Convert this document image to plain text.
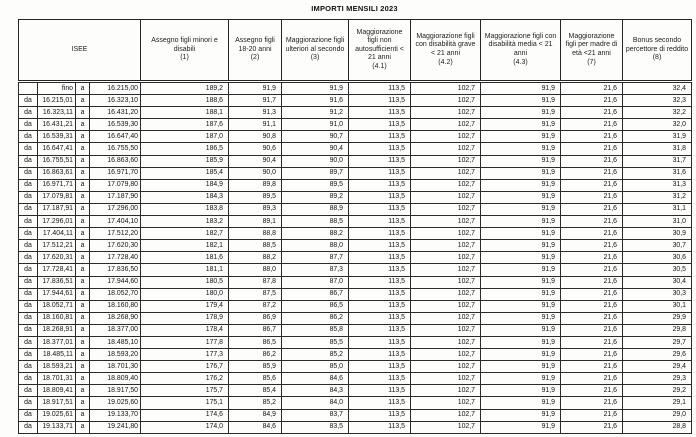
IMPORTI MENSILI 2023
ISEE	Assegno figli minori e disabili
(1)
	Assegno figli 18-20 anni
(2)
	Maggiorazione figli ulteriori al secondo
(3)
	Maggiorazione figli non autosufficienti < 21 anni
(4.1)
	Maggiorazione figli con disabilità grave < 21 anni
(4.2)
	Maggiorazione figli con disabilità media < 21 anni
(4.3)
	Maggiorazione figli per madre di età <21 anni
(7)
	Bonus secondo percettore di reddito
(8)
	fino	a	16.215,00	189,2	91,9	91,9	113,5	102,7	91,9	21,6	32,4
da	16.215,01	a	16.323,10	188,6	91,7	91,6	113,5	102,7	91,9	21,6	32,3
da	16.323,11	a	16.431,20	188,1	91,3	91,2	113,5	102,7	91,9	21,6	32,2
da	16.431,21	a	16.539,30	187,6	91,1	91,0	113,5	102,7	91,9	21,6	32,0
da	16.539,31	a	16.647,40	187,0	90,8	90,7	113,5	102,7	91,9	21,6	31,9
da	16.647,41	a	16.755,50	186,5	90,6	90,4	113,5	102,7	91,9	21,6	31,8
da	16.755,51	a	16.863,60	185,9	90,4	90,0	113,5	102,7	91,9	21,6	31,7
da	16.863,61	a	16.971,70	185,4	90,0	89,7	113,5	102,7	91,9	21,6	31,6
da	16.971,71	a	17.079,80	184,9	89,8	89,5	113,5	102,7	91,9	21,6	31,3
da	17.079,81	a	17.187,90	184,3	89,5	89,2	113,5	102,7	91,9	21,6	31,2
da	17.187,91	a	17.296,00	183,8	89,3	88,9	113,5	102,7	91,9	21,6	31,1
da	17.296,01	a	17.404,10	183,2	89,1	88,5	113,5	102,7	91,9	21,6	31,0
da	17.404,11	a	17.512,20	182,7	88,8	88,2	113,5	102,7	91,9	21,6	30,9
da	17.512,21	a	17.620,30	182,1	88,5	88,0	113,5	102,7	91,9	21,6	30,7
da	17.620,31	a	17.728,40	181,6	88,2	87,7	113,5	102,7	91,9	21,6	30,6
da	17.728,41	a	17.836,50	181,1	88,0	87,3	113,5	102,7	91,9	21,6	30,5
da	17.836,51	a	17.944,60	180,5	87,8	87,0	113,5	102,7	91,9	21,6	30,4
da	17.944,61	a	18.052,70	180,0	87,5	86,7	113,5	102,7	91,9	21,6	30,3
da	18.052,71	a	18.160,80	179,4	87,2	86,5	113,5	102,7	91,9	21,6	30,1
da	18.160,81	a	18.268,90	178,9	86,9	86,2	113,5	102,7	91,9	21,6	29,9
da	18.268,91	a	18.377,00	178,4	86,7	85,8	113,5	102,7	91,9	21,6	29,8
da	18.377,01	a	18.485,10	177,8	86,5	85,5	113,5	102,7	91,9	21,6	29,7
da	18.485,11	a	18.593,20	177,3	86,2	85,2	113,5	102,7	91,9	21,6	29,6
da	18.593,21	a	18.701,30	176,7	85,9	85,0	113,5	102,7	91,9	21,6	29,4
da	18.701,31	a	18.809,40	176,2	85,6	84,6	113,5	102,7	91,9	21,6	29,3
da	18.809,41	a	18.917,50	175,7	85,4	84,3	113,5	102,7	91,9	21,6	29,2
da	18.917,51	a	19.025,60	175,1	85,2	84,0	113,5	102,7	91,9	21,6	29,1
da	19.025,61	a	19.133,70	174,6	84,9	83,7	113,5	102,7	91,9	21,6	29,0
da	19.133,71	a	19.241,80	174,0	84,6	83,5	113,5	102,7	91,9	21,6	28,8
